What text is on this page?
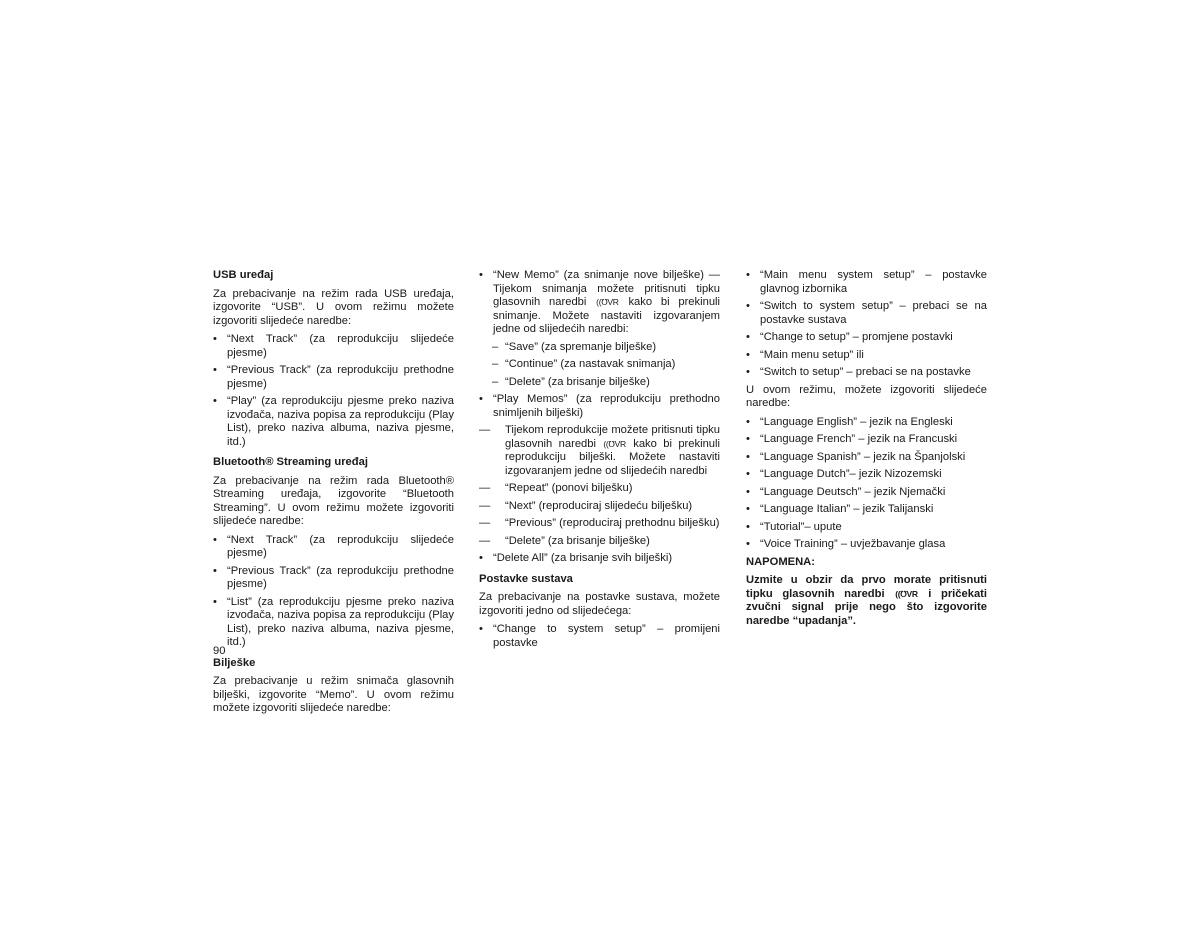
USB uređaj
Za prebacivanje na režim rada USB uređaja, izgovorite “USB”. U ovom režimu možete izgovoriti slijedeće naredbe:
• “Next Track” (za reprodukciju slijedeće pjesme)
• “Previous Track” (za reprodukciju prethodne pjesme)
• “Play” (za reprodukciju pjesme preko naziva izvođača, naziva popisa za reprodukciju (Play List), preko naziva albuma, naziva pjesme, itd.)
Bluetooth® Streaming uređaj
Za prebacivanje na režim rada Bluetooth® Streaming uređaja, izgovorite “Bluetooth Streaming”. U ovom režimu možete izgovoriti slijedeće naredbe:
• “Next Track” (za reprodukciju slijedeće pjesme)
• “Previous Track” (za reprodukciju prethodne pjesme)
• “List” (za reprodukciju pjesme preko naziva izvođača, naziva popisa za reprodukciju (Play List), preko naziva albuma, naziva pjesme, itd.)
Bilješke
Za prebacivanje u režim snimača glasovnih bilješki, izgovorite “Memo”. U ovom režimu možete izgovoriti slijedeće naredbe:
• “New Memo” (za snimanje nove bilješke) — Tijekom snimanja možete pritisnuti tipku glasovnih naredbi ((℧VR kako bi prekinuli snimanje. Možete nastaviti izgovaranjem jedne od slijedećih naredbi:
– “Save” (za spremanje bilješke)
– “Continue” (za nastavak snimanja)
– “Delete” (za brisanje bilješke)
• “Play Memos” (za reprodukciju prethodno snimljenih bilješki)
— Tijekom reprodukcije možete pritisnuti tipku glasovnih naredbi ((℧VR kako bi prekinuli reprodukciju bilješki. Možete nastaviti izgovaranjem jedne od slijedećih naredbi
— “Repeat” (ponovi bilješku)
— “Next” (reproduciraj slijedeću bilješku)
— “Previous” (reproduciraj prethodnu bilješku)
— “Delete” (za brisanje bilješke)
• “Delete All” (za brisanje svih bilješki)
Postavke sustava
Za prebacivanje na postavke sustava, možete izgovoriti jedno od slijedećega:
• “Change to system setup” – promijeni postavke
• “Main menu system setup” – postavke glavnog izbornika
• “Switch to system setup” – prebaci se na postavke sustava
• “Change to setup” – promjene postavki
• “Main menu setup” ili
• “Switch to setup” – prebaci se na postavke
U ovom režimu, možete izgovoriti slijedeće naredbe:
• “Language English” – jezik na Engleski
• “Language French” – jezik na Francuski
• “Language Spanish” – jezik na Španjolski
• “Language Dutch”– jezik Nizozemski
• “Language Deutsch” – jezik Njemački
• “Language Italian” – jezik Talijanski
• “Tutorial”– upute
• “Voice Training” – uvježbavanje glasa
NAPOMENA:
Uzmite u obzir da prvo morate pritisnuti tipku glasovnih naredbi ((℧VR i pričekati zvučni signal prije nego što izgovorite naredbe “upadanja”.
90
